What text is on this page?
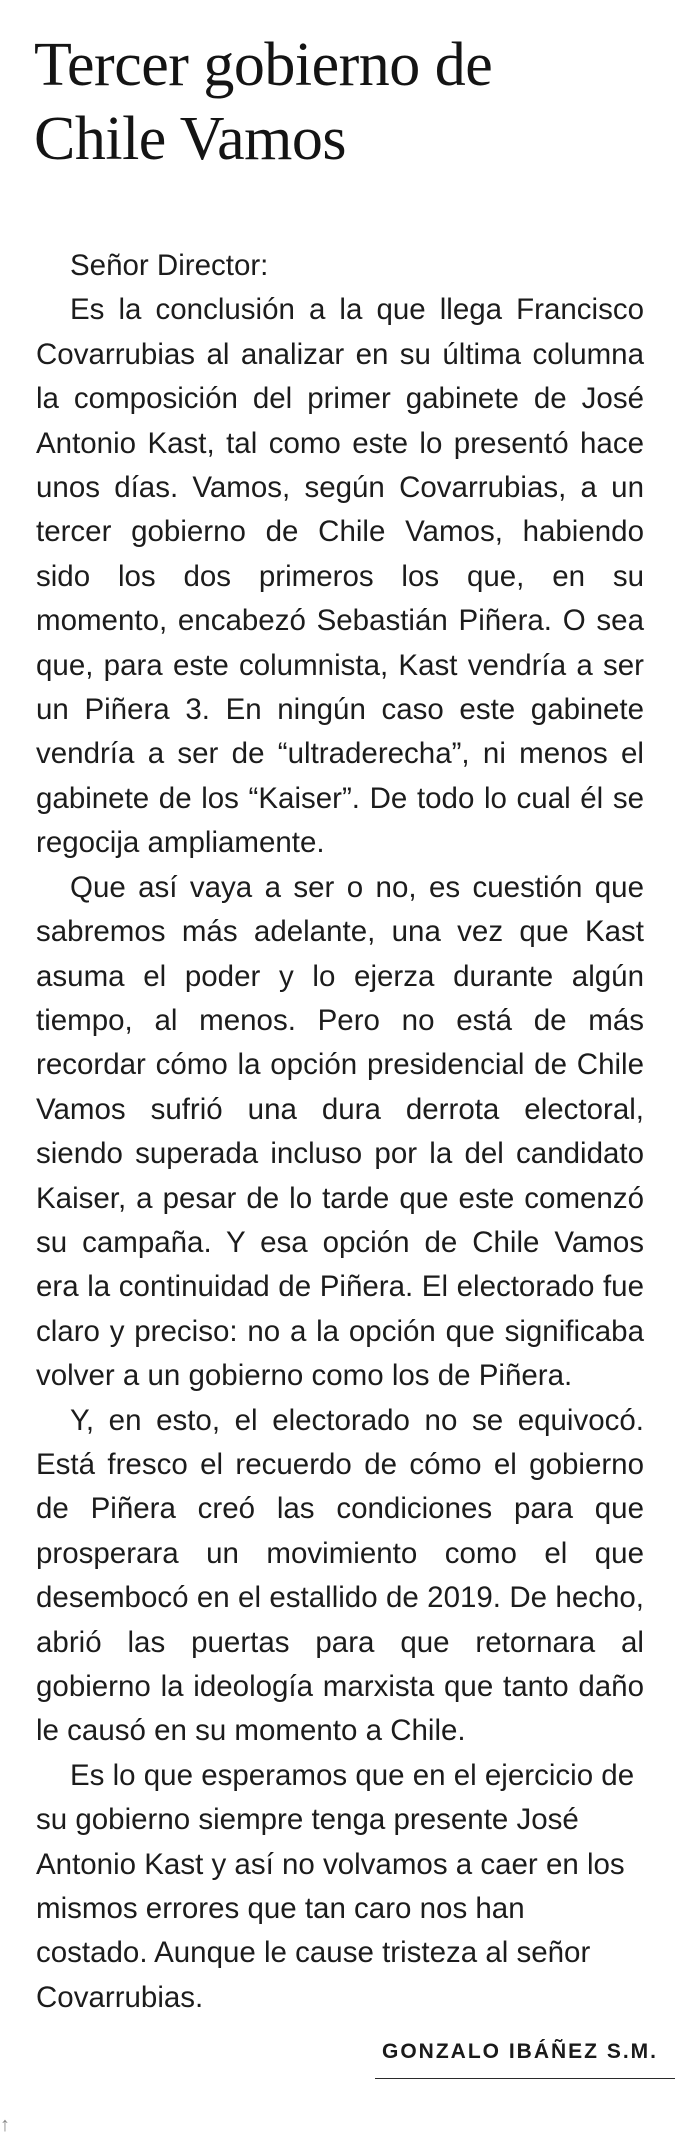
Tercer gobierno de
Chile Vamos

Señor Director:

Es la conclusión a la que llega Francisco Covarrubias al analizar en su última columna la composición del primer gabinete de José Antonio Kast, tal como este lo presentó hace unos días. Vamos, según Covarrubias, a un tercer gobierno de Chile Vamos, habiendo sido los dos primeros los que, en su momento, encabezó Sebastián Piñera. O sea que, para este columnista, Kast vendría a ser un Piñera 3. En ningún caso este gabinete vendría a ser de “ultraderecha”, ni menos el gabinete de los “Kaiser”. De todo lo cual él se regocija ampliamente.

Que así vaya a ser o no, es cuestión que sabremos más adelante, una vez que Kast asuma el poder y lo ejerza durante algún tiempo, al menos. Pero no está de más recordar cómo la opción presidencial de Chile Vamos sufrió una dura derrota electoral, siendo superada incluso por la del candidato Kaiser, a pesar de lo tarde que este comenzó su campaña. Y esa opción de Chile Vamos era la continuidad de Piñera. El electorado fue claro y preciso: no a la opción que significaba volver a un gobierno como los de Piñera.

Y, en esto, el electorado no se equivocó. Está fresco el recuerdo de cómo el gobierno de Piñera creó las condiciones para que prosperara un movimiento como el que desembocó en el estallido de 2019. De hecho, abrió las puertas para que retornara al gobierno la ideología marxista que tanto daño le causó en su momento a Chile.

Es lo que esperamos que en el ejercicio de su gobierno siempre tenga presente José Antonio Kast y así no volvamos a caer en los mismos errores que tan caro nos han costado. Aunque le cause tristeza al señor Covarrubias.

GONZALO IBÁÑEZ S.M.
↑
